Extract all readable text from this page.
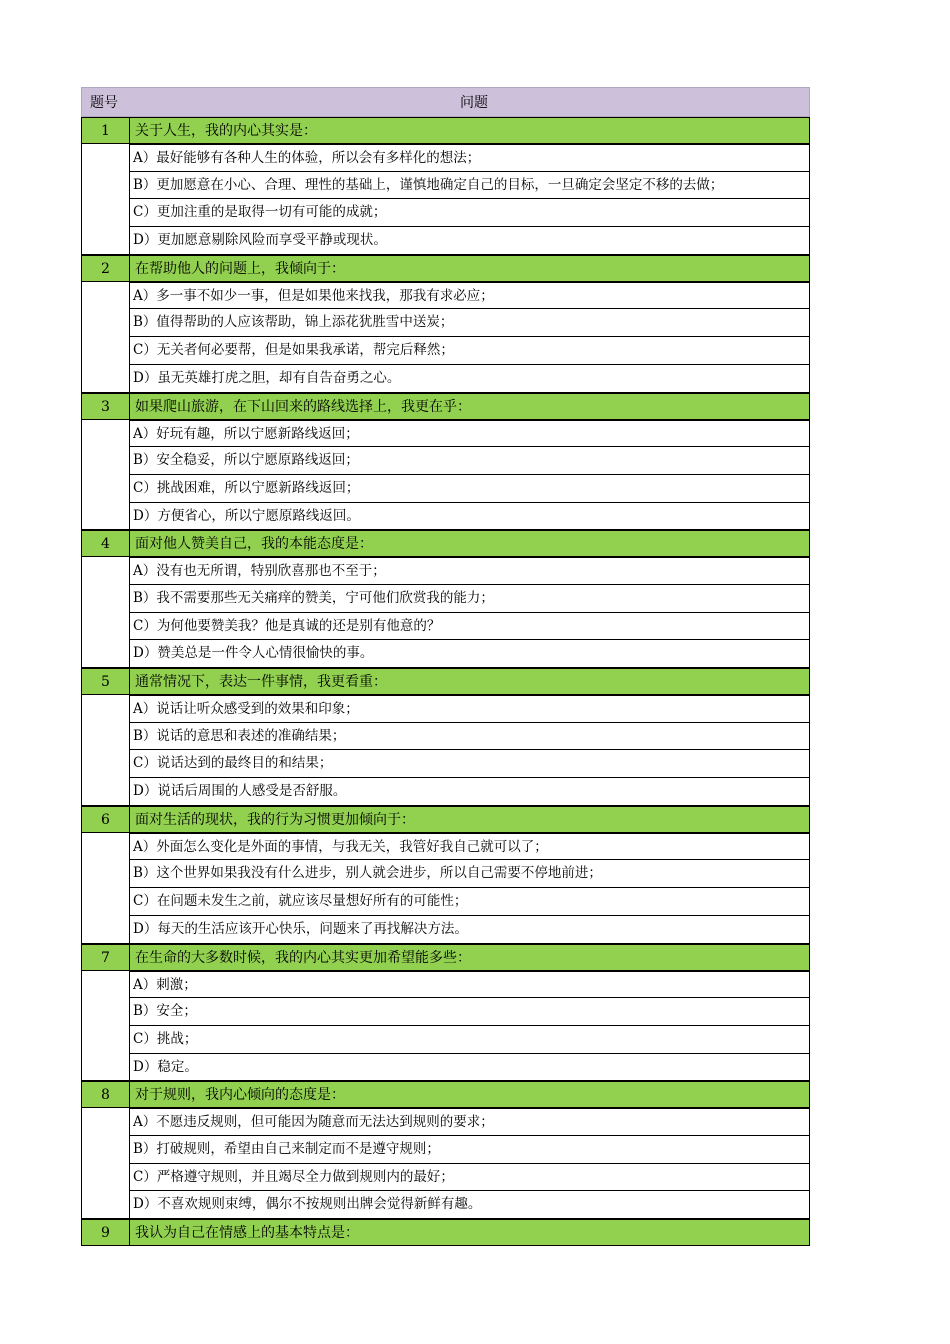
题号	问题
1	关于人生，我的内心其实是：
A）最好能够有各种人生的体验，所以会有多样化的想法；
B）更加愿意在小心、合理、理性的基础上，谨慎地确定自己的目标，一旦确定会坚定不移的去做；
C）更加注重的是取得一切有可能的成就；
D）更加愿意剔除风险而享受平静或现状。
2	在帮助他人的问题上，我倾向于：
A）多一事不如少一事，但是如果他来找我，那我有求必应；
B）值得帮助的人应该帮助，锦上添花犹胜雪中送炭；
C）无关者何必要帮，但是如果我承诺，帮完后释然；
D）虽无英雄打虎之胆，却有自告奋勇之心。
3	如果爬山旅游，在下山回来的路线选择上，我更在乎：
A）好玩有趣，所以宁愿新路线返回；
B）安全稳妥，所以宁愿原路线返回；
C）挑战困难，所以宁愿新路线返回；
D）方便省心，所以宁愿原路线返回。
4	面对他人赞美自己，我的本能态度是：
A）没有也无所谓，特别欣喜那也不至于；
B）我不需要那些无关痛痒的赞美，宁可他们欣赏我的能力；
C）为何他要赞美我？他是真诚的还是别有他意的？
D）赞美总是一件令人心情很愉快的事。
5	通常情况下，表达一件事情，我更看重：
A）说话让听众感受到的效果和印象；
B）说话的意思和表述的准确结果；
C）说话达到的最终目的和结果；
D）说话后周围的人感受是否舒服。
6	面对生活的现状，我的行为习惯更加倾向于：
A）外面怎么变化是外面的事情，与我无关，我管好我自己就可以了；
B）这个世界如果我没有什么进步，别人就会进步，所以自己需要不停地前进；
C）在问题未发生之前，就应该尽量想好所有的可能性；
D）每天的生活应该开心快乐，问题来了再找解决方法。
7	在生命的大多数时候，我的内心其实更加希望能多些：
A）刺激；
B）安全；
C）挑战；
D）稳定。
8	对于规则，我内心倾向的态度是：
A）不愿违反规则，但可能因为随意而无法达到规则的要求；
B）打破规则，希望由自己来制定而不是遵守规则；
C）严格遵守规则，并且竭尽全力做到规则内的最好；
D）不喜欢规则束缚，偶尔不按规则出牌会觉得新鲜有趣。
9	我认为自己在情感上的基本特点是：
